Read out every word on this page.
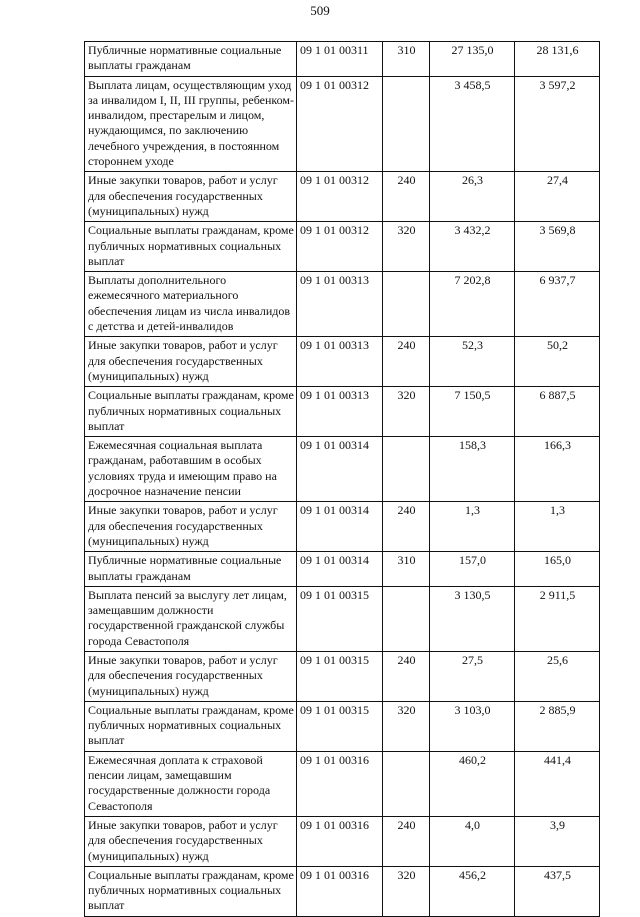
509
Публичные нормативные социальные выплаты гражданам	09 1 01 00311	310	27 135,0	28 131,6
Выплата лицам, осуществляющим уход за инвалидом I, II, III группы, ребенком-инвалидом, престарелым и лицом, нуждающимся, по заключению лечебного учреждения, в постоянном стороннем уходе	09 1 01 00312		3 458,5	3 597,2
Иные закупки товаров, работ и услуг для обеспечения государственных (муниципальных) нужд	09 1 01 00312	240	26,3	27,4
Социальные выплаты гражданам, кроме публичных нормативных социальных выплат	09 1 01 00312	320	3 432,2	3 569,8
Выплаты дополнительного ежемесячного материального обеспечения лицам из числа инвалидов с детства и детей-инвалидов	09 1 01 00313		7 202,8	6 937,7
Иные закупки товаров, работ и услуг для обеспечения государственных (муниципальных) нужд	09 1 01 00313	240	52,3	50,2
Социальные выплаты гражданам, кроме публичных нормативных социальных выплат	09 1 01 00313	320	7 150,5	6 887,5
Ежемесячная социальная выплата гражданам, работавшим в особых условиях труда и имеющим право на досрочное назначение пенсии	09 1 01 00314		158,3	166,3
Иные закупки товаров, работ и услуг для обеспечения государственных (муниципальных) нужд	09 1 01 00314	240	1,3	1,3
Публичные нормативные социальные выплаты гражданам	09 1 01 00314	310	157,0	165,0
Выплата пенсий за выслугу лет лицам, замещавшим должности государственной гражданской службы города Севастополя	09 1 01 00315		3 130,5	2 911,5
Иные закупки товаров, работ и услуг для обеспечения государственных (муниципальных) нужд	09 1 01 00315	240	27,5	25,6
Социальные выплаты гражданам, кроме публичных нормативных социальных выплат	09 1 01 00315	320	3 103,0	2 885,9
Ежемесячная доплата к страховой пенсии лицам, замещавшим государственные должности города Севастополя	09 1 01 00316		460,2	441,4
Иные закупки товаров, работ и услуг для обеспечения государственных (муниципальных) нужд	09 1 01 00316	240	4,0	3,9
Социальные выплаты гражданам, кроме публичных нормативных социальных выплат	09 1 01 00316	320	456,2	437,5
